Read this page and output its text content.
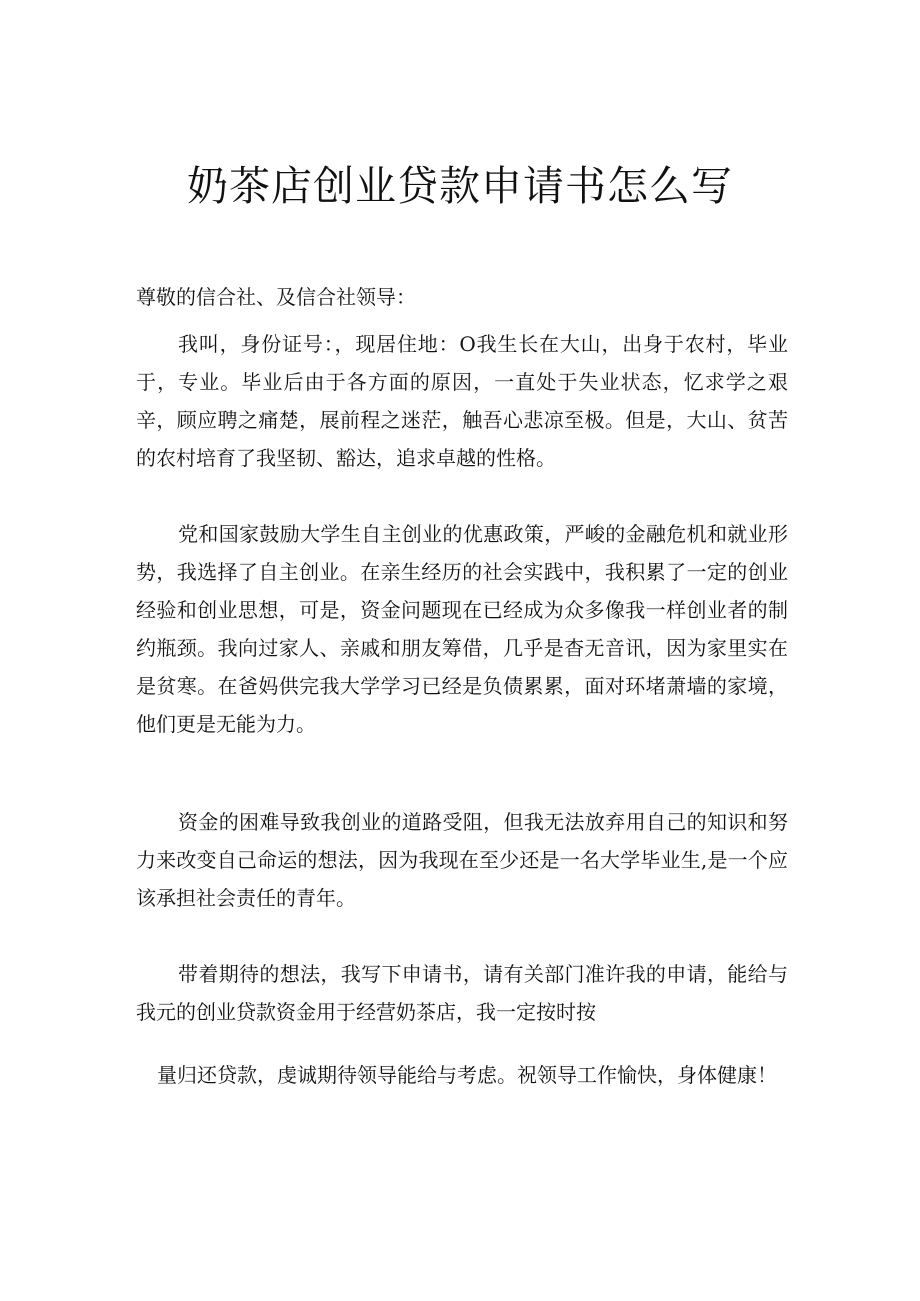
奶茶店创业贷款申请书怎么写

尊敬的信合社、及信合社领导：

我叫，身份证号：，现居住地：O我生长在大山，出身于农村，毕业于，专业。毕业后由于各方面的原因，一直处于失业状态，忆求学之艰辛，顾应聘之痛楚，展前程之迷茫，触吾心悲凉至极。但是，大山、贫苦的农村培育了我坚韧、豁达，追求卓越的性格。

党和国家鼓励大学生自主创业的优惠政策，严峻的金融危机和就业形势，我选择了自主创业。在亲生经历的社会实践中，我积累了一定的创业经验和创业思想，可是，资金问题现在已经成为众多像我一样创业者的制约瓶颈。我向过家人、亲戚和朋友筹借，几乎是杳无音讯，因为家里实在是贫寒。在爸妈供完我大学学习已经是负债累累，面对环堵萧墙的家境，他们更是无能为力。

资金的困难导致我创业的道路受阻，但我无法放弃用自己的知识和努力来改变自己命运的想法，因为我现在至少还是一名大学毕业生,是一个应该承担社会责任的青年。

带着期待的想法，我写下申请书，请有关部门准许我的申请，能给与我元的创业贷款资金用于经营奶茶店，我一定按时按

量归还贷款，虔诚期待领导能给与考虑。祝领导工作愉快，身体健康！
